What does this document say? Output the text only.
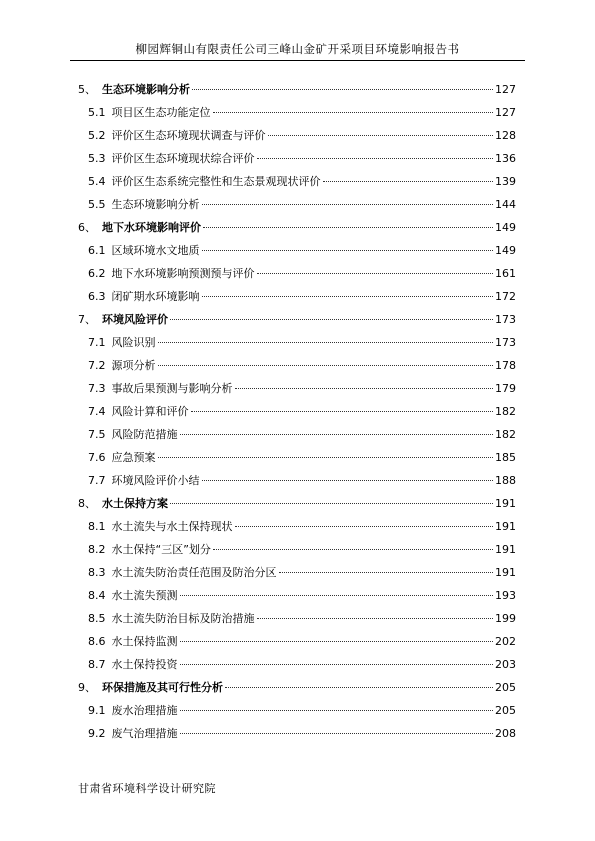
柳园辉铜山有限责任公司三峰山金矿开采项目环境影响报告书
5、 生态环境影响分析	127
5.1 项目区生态功能定位	127
5.2 评价区生态环境现状调查与评价	128
5.3 评价区生态环境现状综合评价	136
5.4 评价区生态系统完整性和生态景观现状评价	139
5.5 生态环境影响分析	144
6、 地下水环境影响评价	149
6.1 区域环境水文地质	149
6.2 地下水环境影响预测预与评价	161
6.3 闭矿期水环境影响	172
7、 环境风险评价	173
7.1 风险识别	173
7.2 源项分析	178
7.3 事故后果预测与影响分析	179
7.4 风险计算和评价	182
7.5 风险防范措施	182
7.6 应急预案	185
7.7 环境风险评价小结	188
8、 水土保持方案	191
8.1 水土流失与水土保持现状	191
8.2 水土保持“三区”划分	191
8.3 水土流失防治责任范围及防治分区	191
8.4 水土流失预测	193
8.5 水土流失防治目标及防治措施	199
8.6 水土保持监测	202
8.7 水土保持投资	203
9、 环保措施及其可行性分析	205
9.1 废水治理措施	205
9.2 废气治理措施	208
甘肃省环境科学设计研究院
